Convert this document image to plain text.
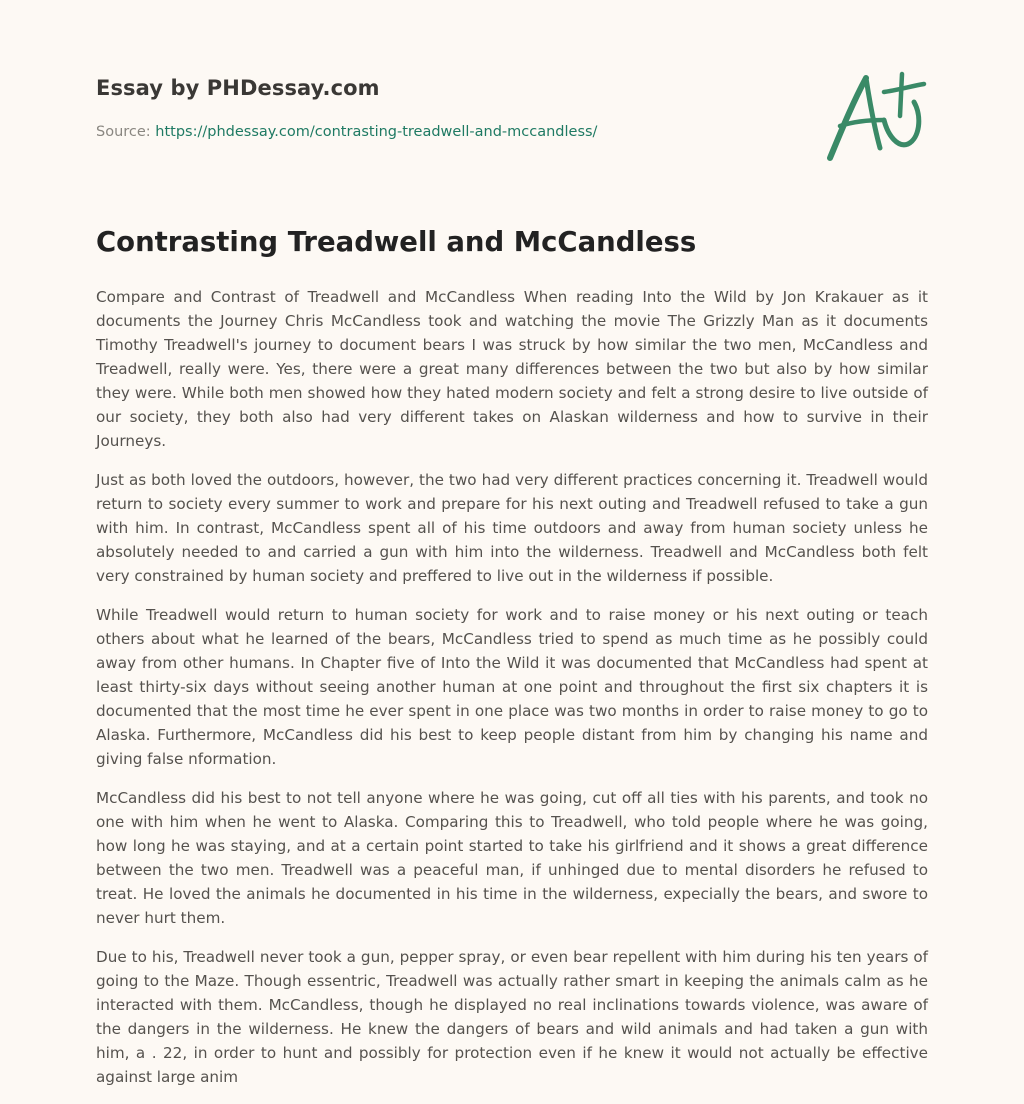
Essay by PHDessay.com
Source: https://phdessay.com/contrasting-treadwell-and-mccandless/
Contrasting Treadwell and McCandless

Compare and Contrast of Treadwell and McCandless When reading Into the Wild by Jon Krakauer as it documents the Journey Chris McCandless took and watching the movie The Grizzly Man as it documents Timothy Treadwell's journey to document bears I was struck by how similar the two men, McCandless and Treadwell, really were. Yes, there were a great many differences between the two but also by how similar they were. While both men showed how they hated modern society and felt a strong desire to live outside of our society, they both also had very different takes on Alaskan wilderness and how to survive in their Journeys.

Just as both loved the outdoors, however, the two had very different practices concerning it. Treadwell would return to society every summer to work and prepare for his next outing and Treadwell refused to take a gun with him. In contrast, McCandless spent all of his time outdoors and away from human society unless he absolutely needed to and carried a gun with him into the wilderness. Treadwell and McCandless both felt very constrained by human society and preffered to live out in the wilderness if possible.

While Treadwell would return to human society for work and to raise money or his next outing or teach others about what he learned of the bears, McCandless tried to spend as much time as he possibly could away from other humans. In Chapter five of Into the Wild it was documented that McCandless had spent at least thirty-six days without seeing another human at one point and throughout the first six chapters it is documented that the most time he ever spent in one place was two months in order to raise money to go to Alaska. Furthermore, McCandless did his best to keep people distant from him by changing his name and giving false nformation.

McCandless did his best to not tell anyone where he was going, cut off all ties with his parents, and took no one with him when he went to Alaska. Comparing this to Treadwell, who told people where he was going, how long he was staying, and at a certain point started to take his girlfriend and it shows a great difference between the two men. Treadwell was a peaceful man, if unhinged due to mental disorders he refused to treat. He loved the animals he documented in his time in the wilderness, expecially the bears, and swore to never hurt them.

Due to his, Treadwell never took a gun, pepper spray, or even bear repellent with him during his ten years of going to the Maze. Though essentric, Treadwell was actually rather smart in keeping the animals calm as he interacted with them. McCandless, though he displayed no real inclinations towards violence, was aware of the dangers in the wilderness. He knew the dangers of bears and wild animals and had taken a gun with him, a . 22, in order to hunt and possibly for protection even if he knew it would not actually be effective against large anim
